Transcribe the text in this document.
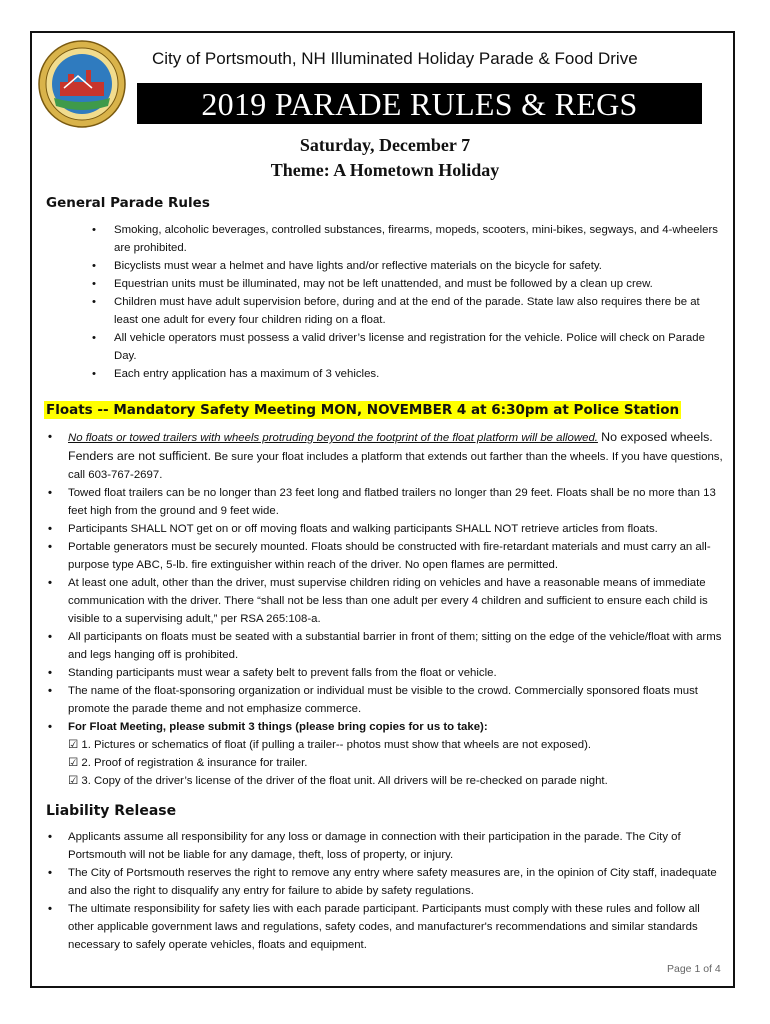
City of Portsmouth, NH Illuminated Holiday Parade & Food Drive
2019 PARADE RULES & REGS
Saturday, December 7
Theme: A Hometown Holiday
General Parade Rules
• Smoking, alcoholic beverages, controlled substances, firearms, mopeds, scooters, mini-bikes, segways, and 4-wheelers are prohibited.
• Bicyclists must wear a helmet and have lights and/or reflective materials on the bicycle for safety.
• Equestrian units must be illuminated, may not be left unattended, and must be followed by a clean up crew.
• Children must have adult supervision before, during and at the end of the parade. State law also requires there be at least one adult for every four children riding on a float.
• All vehicle operators must possess a valid driver’s license and registration for the vehicle. Police will check on Parade Day.
• Each entry application has a maximum of 3 vehicles.
Floats -- Mandatory Safety Meeting MON, NOVEMBER 4 at 6:30pm at Police Station
• No floats or towed trailers with wheels protruding beyond the footprint of the float platform will be allowed. No exposed wheels. Fenders are not sufficient. Be sure your float includes a platform that extends out farther than the wheels. If you have questions, call 603-767-2697.
• Towed float trailers can be no longer than 23 feet long and flatbed trailers no longer than 29 feet. Floats shall be no more than 13 feet high from the ground and 9 feet wide.
• Participants SHALL NOT get on or off moving floats and walking participants SHALL NOT retrieve articles from floats.
• Portable generators must be securely mounted. Floats should be constructed with fire-retardant materials and must carry an all-purpose type ABC, 5-lb. fire extinguisher within reach of the driver. No open flames are permitted.
• At least one adult, other than the driver, must supervise children riding on vehicles and have a reasonable means of immediate communication with the driver. There “shall not be less than one adult per every 4 children and sufficient to ensure each child is visible to a supervising adult,” per RSA 265:108-a.
• All participants on floats must be seated with a substantial barrier in front of them; sitting on the edge of the vehicle/float with arms and legs hanging off is prohibited.
• Standing participants must wear a safety belt to prevent falls from the float or vehicle.
• The name of the float-sponsoring organization or individual must be visible to the crowd. Commercially sponsored floats must promote the parade theme and not emphasize commerce.
• For Float Meeting, please submit 3 things (please bring copies for us to take):
☑ 1. Pictures or schematics of float (if pulling a trailer-- photos must show that wheels are not exposed).
☑ 2. Proof of registration & insurance for trailer.
☑ 3. Copy of the driver’s license of the driver of the float unit. All drivers will be re-checked on parade night.
Liability Release
• Applicants assume all responsibility for any loss or damage in connection with their participation in the parade. The City of Portsmouth will not be liable for any damage, theft, loss of property, or injury.
• The City of Portsmouth reserves the right to remove any entry where safety measures are, in the opinion of City staff, inadequate and also the right to disqualify any entry for failure to abide by safety regulations.
• The ultimate responsibility for safety lies with each parade participant. Participants must comply with these rules and follow all other applicable government laws and regulations, safety codes, and manufacturer's recommendations and similar standards necessary to safely operate vehicles, floats and equipment.
Page 1 of 4
